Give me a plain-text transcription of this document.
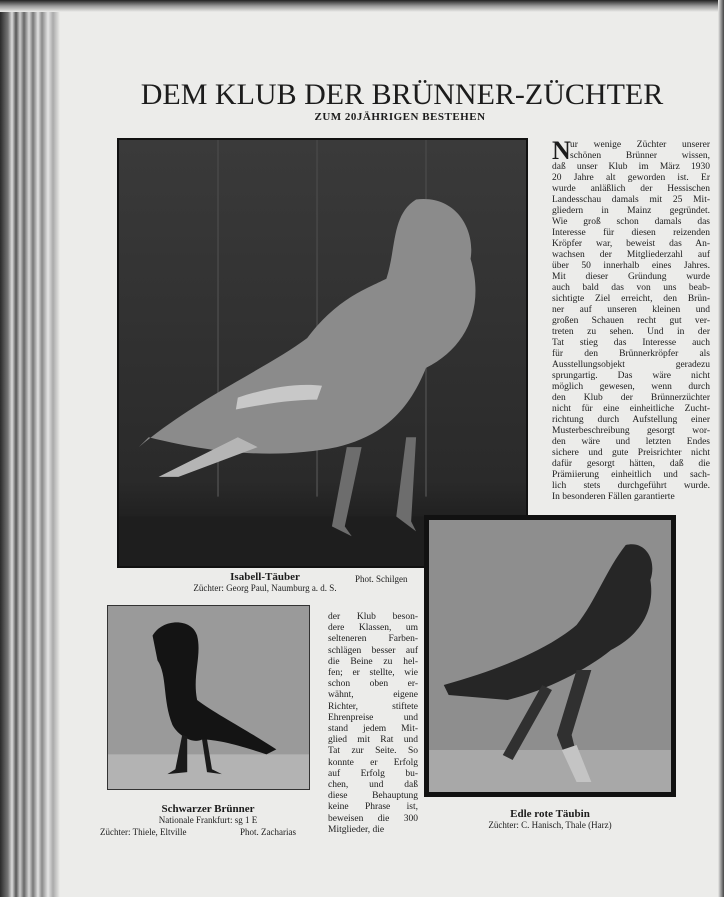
DEM KLUB DER BRÜNNER-ZÜCHTER
ZUM 20JÄHRIGEN BESTEHEN
N ur wenige Züchter unserer
schönen Brünner wissen,
daß unser Klub im März 1930
20 Jahre alt geworden ist. Er
wurde anläßlich der Hessischen
Landesschau damals mit 25 Mit-
gliedern in Mainz gegründet.
Wie groß schon damals das
Interesse für diesen reizenden
Kröpfer war, beweist das An-
wachsen der Mitgliederzahl auf
über 50 innerhalb eines Jahres.
Mit dieser Gründung wurde
auch bald das von uns beab-
sichtigte Ziel erreicht, den Brün-
ner auf unseren kleinen und
großen Schauen recht gut ver-
treten zu sehen. Und in der
Tat stieg das Interesse auch
für den Brünnerkröpfer als
Ausstellungsobjekt geradezu
sprungartig. Das wäre nicht
möglich gewesen, wenn durch
den Klub der Brünnerzüchter
nicht für eine einheitliche Zucht-
richtung durch Aufstellung einer
Musterbeschreibung gesorgt wor-
den wäre und letzten Endes
sichere und gute Preisrichter nicht
dafür gesorgt hätten, daß die
Prämiierung einheitlich und sach-
lich stets durchgeführt wurde.
In besonderen Fällen garantierte
Isabell-Täuber
Züchter: Georg Paul, Naumburg a. d. S.
Phot. Schilgen
der Klub beson-
dere Klassen, um
selteneren Farben-
schlägen besser auf
die Beine zu hel-
fen; er stellte, wie
schon oben er-
wähnt, eigene
Richter, stiftete
Ehrenpreise und
stand jedem Mit-
glied mit Rat und
Tat zur Seite. So
konnte er Erfolg
auf Erfolg bu-
chen, und daß
diese Behauptung
keine Phrase ist,
beweisen die 300
Mitglieder, die
Schwarzer Brünner
Nationale Frankfurt: sg 1 E
Züchter: Thiele, Eltville	Phot. Zacharias
Edle rote Täubin
Züchter: C. Hanisch, Thale (Harz)
